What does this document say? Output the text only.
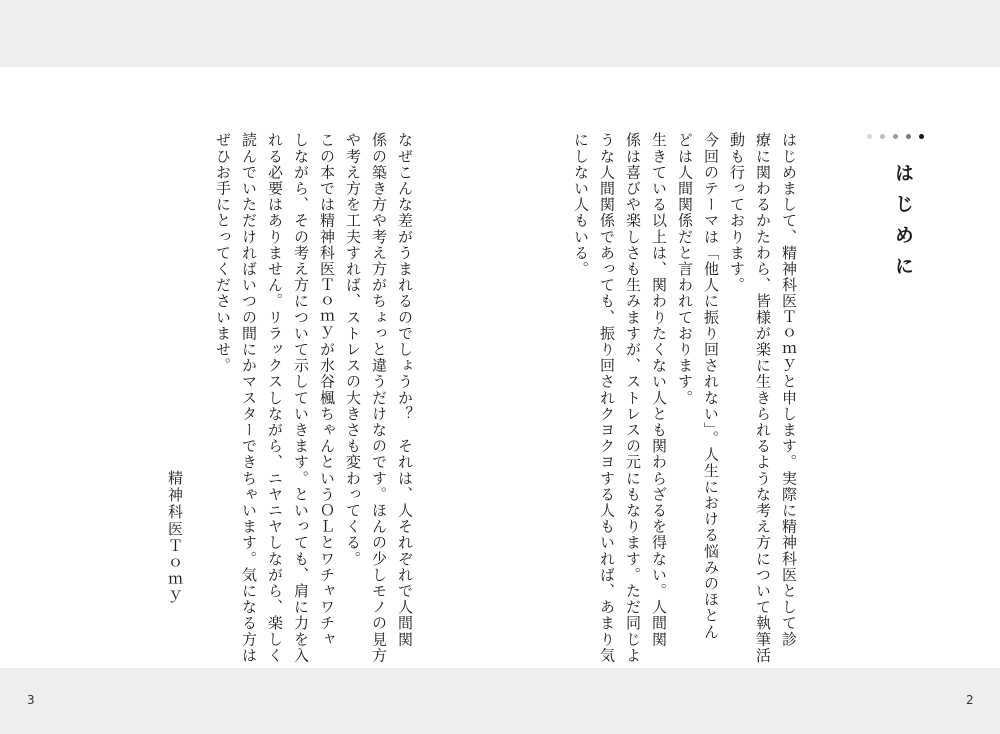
はじめに
はじめまして、精神科医Ｔｏｍｙと申します。実際に精神科医として診
療に関わるかたわら、皆様が楽に生きられるような考え方について執筆活
動も行っております。
今回のテーマは「他人に振り回されない」。人生における悩みのほとん
どは人間関係だと言われております。
生きている以上は、関わりたくない人とも関わらざるを得ない。人間関
係は喜びや楽しさも生みますが、ストレスの元にもなります。ただ同じよ
うな人間関係であっても、振り回されクヨクヨする人もいれば、あまり気
にしない人もいる。
なぜこんな差がうまれるのでしょうか？　それは、人それぞれで人間関
係の築き方や考え方がちょっと違うだけなのです。ほんの少しモノの見方
や考え方を工夫すれば、ストレスの大きさも変わってくる。
この本では精神科医Ｔｏｍｙが水谷楓ちゃんというＯＬとワチャワチャ
しながら、その考え方について示していきます。といっても、肩に力を入
れる必要はありません。リラックスしながら、ニヤニヤしながら、楽しく
読んでいただければいつの間にかマスターできちゃいます。気になる方は
ぜひお手にとってくださいませ。
精神科医Ｔｏｍｙ
3	2
